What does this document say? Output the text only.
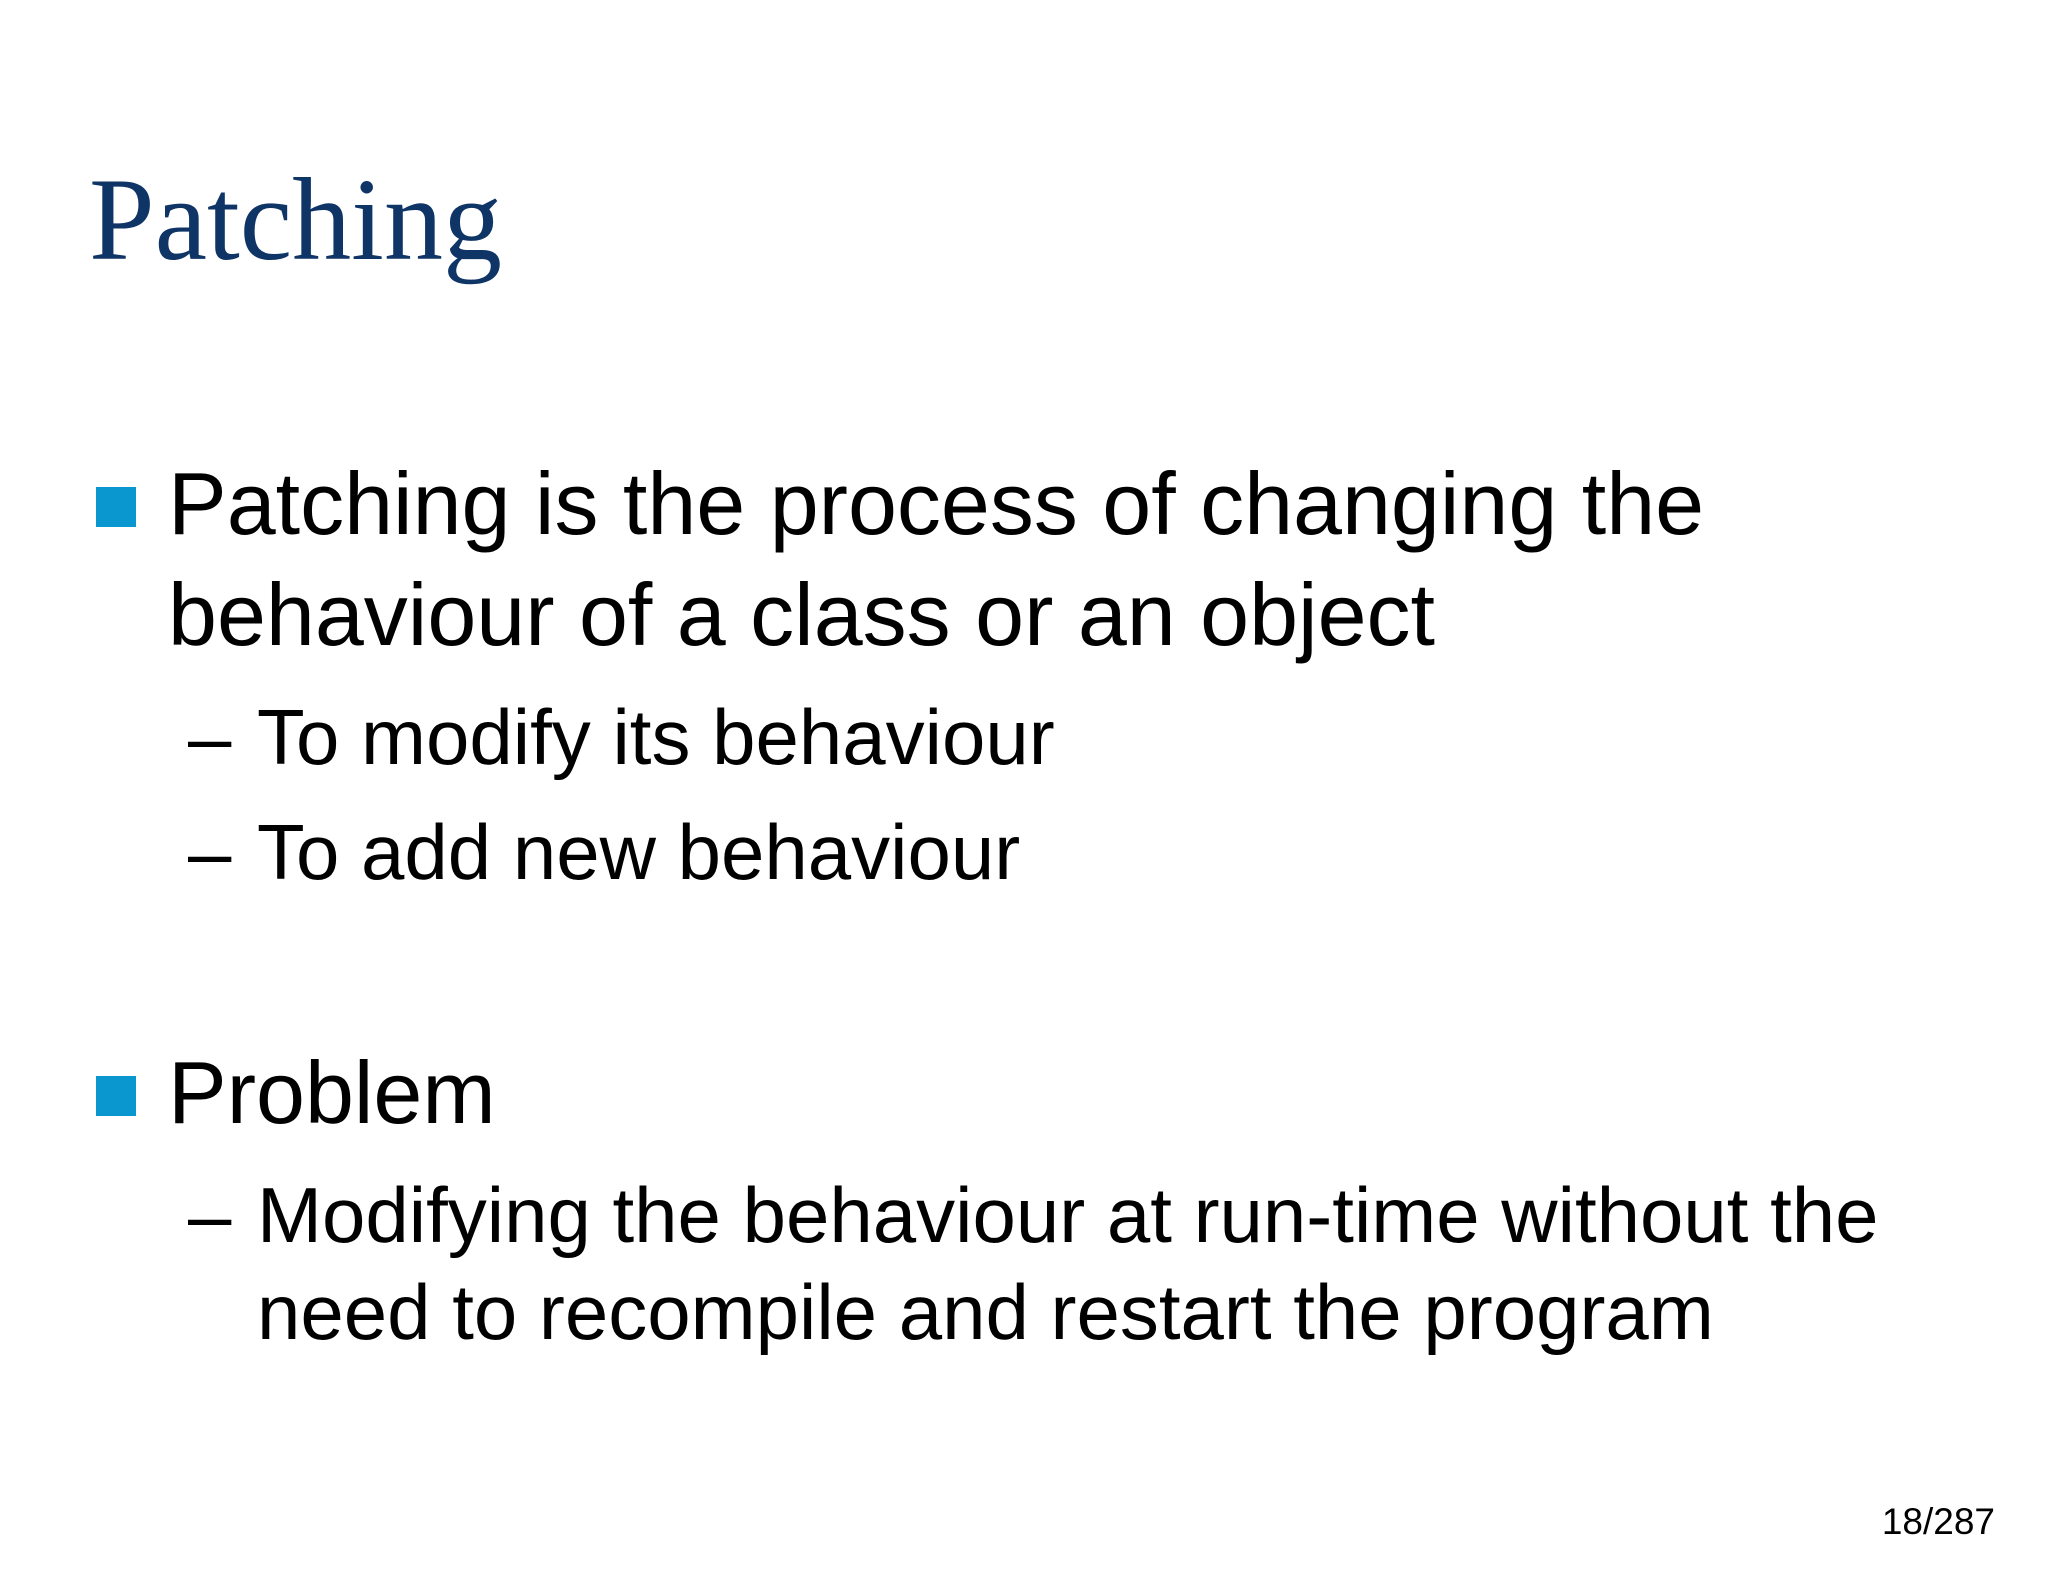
Patching

Patching is the process of changing the

behaviour of a class or an object

– To modify its behaviour

– To add new behaviour

Problem

– Modifying the behaviour at run-time without the

need to recompile and restart the program

18/287
